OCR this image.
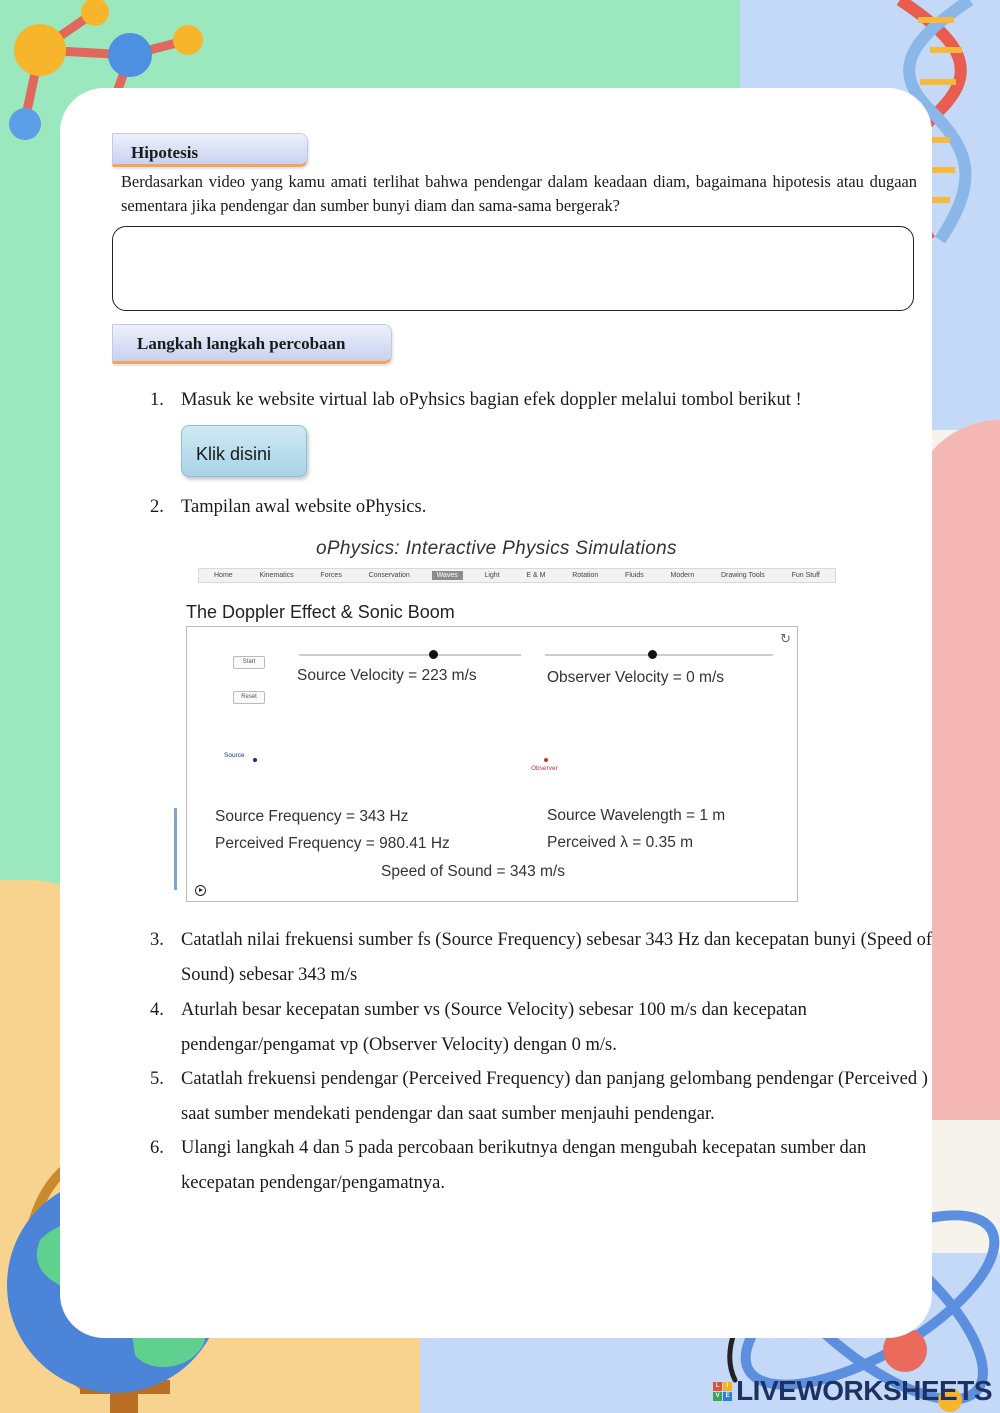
Hipotesis

Berdasarkan video yang kamu amati terlihat bahwa pendengar dalam keadaan diam, bagaimana hipotesis atau dugaan sementara jika pendengar dan sumber bunyi diam dan sama-sama bergerak?

Langkah langkah percobaan
1. Masuk ke website virtual lab oPyhsics bagian efek doppler melalui tombol berikut !
Klik disini
2. Tampilan awal website oPhysics.
oPhysics: Interactive Physics Simulations
Home	Kinematics	Forces	Conservation	Waves	Light	E & M	Rotation	Fluids	Modern	Drawing Tools	Fun Stuff
The Doppler Effect & Sonic Boom
↻
Start
Reset
Source Velocity = 223 m/s	Observer Velocity = 0 m/s
Source
Observer
Source Frequency = 343 Hz
Perceived Frequency = 980.41 Hz
Source Wavelength = 1 m
Perceived λ = 0.35 m
Speed of Sound = 343 m/s
3. Catatlah nilai frekuensi sumber fs (Source Frequency) sebesar 343 Hz dan kecepatan bunyi (Speed of Sound) sebesar 343 m/s
4. Aturlah besar kecepatan sumber vs (Source Velocity) sebesar 100 m/s dan kecepatan pendengar/pengamat vp (Observer Velocity) dengan 0 m/s.
5. Catatlah frekuensi pendengar (Perceived Frequency) dan panjang gelombang pendengar (Perceived ) saat sumber mendekati pendengar dan saat sumber menjauhi pendengar.
6. Ulangi langkah 4 dan 5 pada percobaan berikutnya dengan mengubah kecepatan sumber dan kecepatan pendengar/pengamatnya.
L	I
V E LIVEWORKSHEETS
